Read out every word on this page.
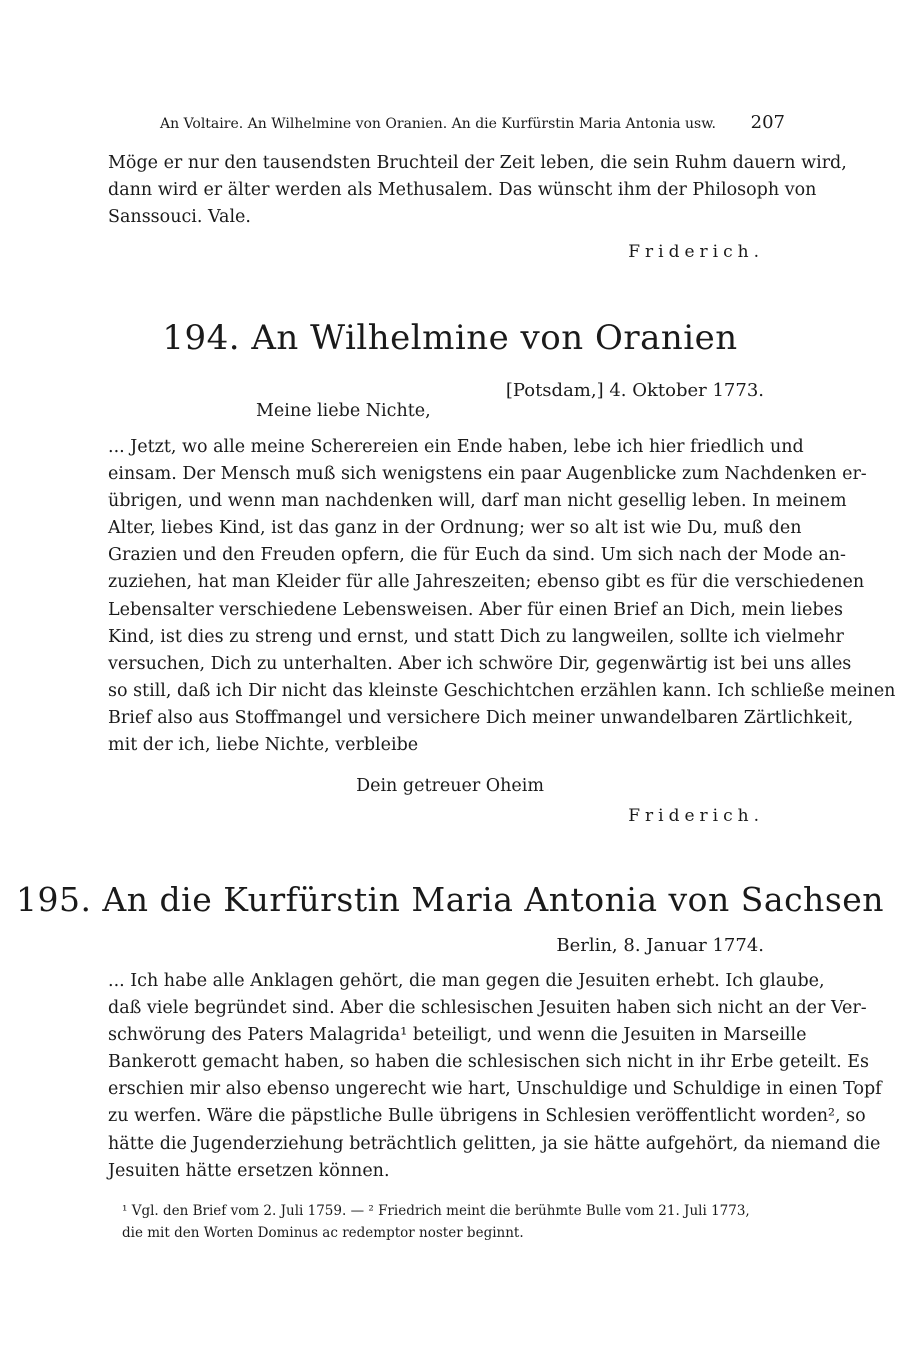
An Voltaire. An Wilhelmine von Oranien. An die Kurfürstin Maria Antonia usw. 207
Möge er nur den tausendsten Bruchteil der Zeit leben, die sein Ruhm dauern wird,
dann wird er älter werden als Methusalem. Das wünscht ihm der Philosoph von
Sanssouci. Vale.
Friderich.
194. An Wilhelmine von Oranien
[Potsdam,] 4. Oktober 1773.
Meine liebe Nichte,
... Jetzt, wo alle meine Scherereien ein Ende haben, lebe ich hier friedlich und
einsam. Der Mensch muß sich wenigstens ein paar Augenblicke zum Nachdenken er-
übrigen, und wenn man nachdenken will, darf man nicht gesellig leben. In meinem
Alter, liebes Kind, ist das ganz in der Ordnung; wer so alt ist wie Du, muß den
Grazien und den Freuden opfern, die für Euch da sind. Um sich nach der Mode an-
zuziehen, hat man Kleider für alle Jahreszeiten; ebenso gibt es für die verschiedenen
Lebensalter verschiedene Lebensweisen. Aber für einen Brief an Dich, mein liebes
Kind, ist dies zu streng und ernst, und statt Dich zu langweilen, sollte ich vielmehr
versuchen, Dich zu unterhalten. Aber ich schwöre Dir, gegenwärtig ist bei uns alles
so still, daß ich Dir nicht das kleinste Geschichtchen erzählen kann. Ich schließe meinen
Brief also aus Stoffmangel und versichere Dich meiner unwandelbaren Zärtlichkeit,
mit der ich, liebe Nichte, verbleibe
Dein getreuer Oheim
Friderich.
195. An die Kurfürstin Maria Antonia von Sachsen
Berlin, 8. Januar 1774.
... Ich habe alle Anklagen gehört, die man gegen die Jesuiten erhebt. Ich glaube,
daß viele begründet sind. Aber die schlesischen Jesuiten haben sich nicht an der Ver-
schwörung des Paters Malagrida¹ beteiligt, und wenn die Jesuiten in Marseille
Bankerott gemacht haben, so haben die schlesischen sich nicht in ihr Erbe geteilt. Es
erschien mir also ebenso ungerecht wie hart, Unschuldige und Schuldige in einen Topf
zu werfen. Wäre die päpstliche Bulle übrigens in Schlesien veröffentlicht worden², so
hätte die Jugenderziehung beträchtlich gelitten, ja sie hätte aufgehört, da niemand die
Jesuiten hätte ersetzen können.
¹ Vgl. den Brief vom 2. Juli 1759. — ² Friedrich meint die berühmte Bulle vom 21. Juli 1773,
die mit den Worten Dominus ac redemptor noster beginnt.
